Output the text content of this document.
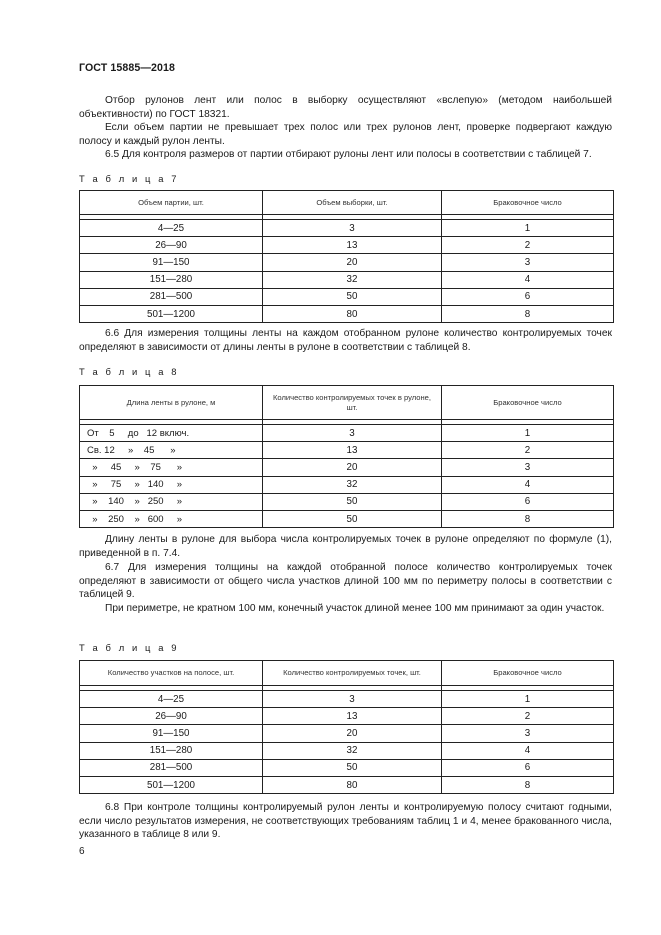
ГОСТ 15885—2018
Отбор рулонов лент или полос в выборку осуществляют «вслепую» (методом наибольшей объективности) по ГОСТ 18321.
Если объем партии не превышает трех полос или трех рулонов лент, проверке подвергают каждую полосу и каждый рулон ленты.
6.5 Для контроля размеров от партии отбирают рулоны лент или полосы в соответствии с таблицей 7.
Т а б л и ц а 7
Объем партии, шт.	Объем выборки, шт.	Браковочное число

4—25	3	1
26—90	13	2
91—150	20	3
151—280	32	4
281—500	50	6
501—1200	80	8
6.6 Для измерения толщины ленты на каждом отобранном рулоне количество контролируемых точек определяют в зависимости от длины ленты в рулоне в соответствии с таблицей 8.
Т а б л и ц а 8
Длина ленты в рулоне, м	Количество контролируемых точек в рулоне, шт.	Браковочное число

От    5     до   12 включ.	3	1
Св. 12     »    45      »	13	2
»     45     »    75      »	20	3
»     75     »   140     »	32	4
»    140    »   250     »	50	6
»    250    »   600     »	50	8
Длину ленты в рулоне для выбора числа контролируемых точек в рулоне определяют по формуле (1), приведенной в п. 7.4.
6.7 Для измерения толщины на каждой отобранной полосе количество контролируемых точек определяют в зависимости от общего числа участков длиной 100 мм по периметру полосы в соответствии с таблицей 9.
При периметре, не кратном 100 мм, конечный участок длиной менее 100 мм принимают за один участок.
Т а б л и ц а 9
Количество участков на полосе, шт.	Количество контролируемых точек, шт.	Браковочное число

4—25	3	1
26—90	13	2
91—150	20	3
151—280	32	4
281—500	50	6
501—1200	80	8
6.8 При контроле толщины контролируемый рулон ленты и контролируемую полосу считают годными, если число результатов измерения, не соответствующих требованиям таблиц 1 и 4, менее бракованного числа, указанного в таблице 8 или 9.
6
